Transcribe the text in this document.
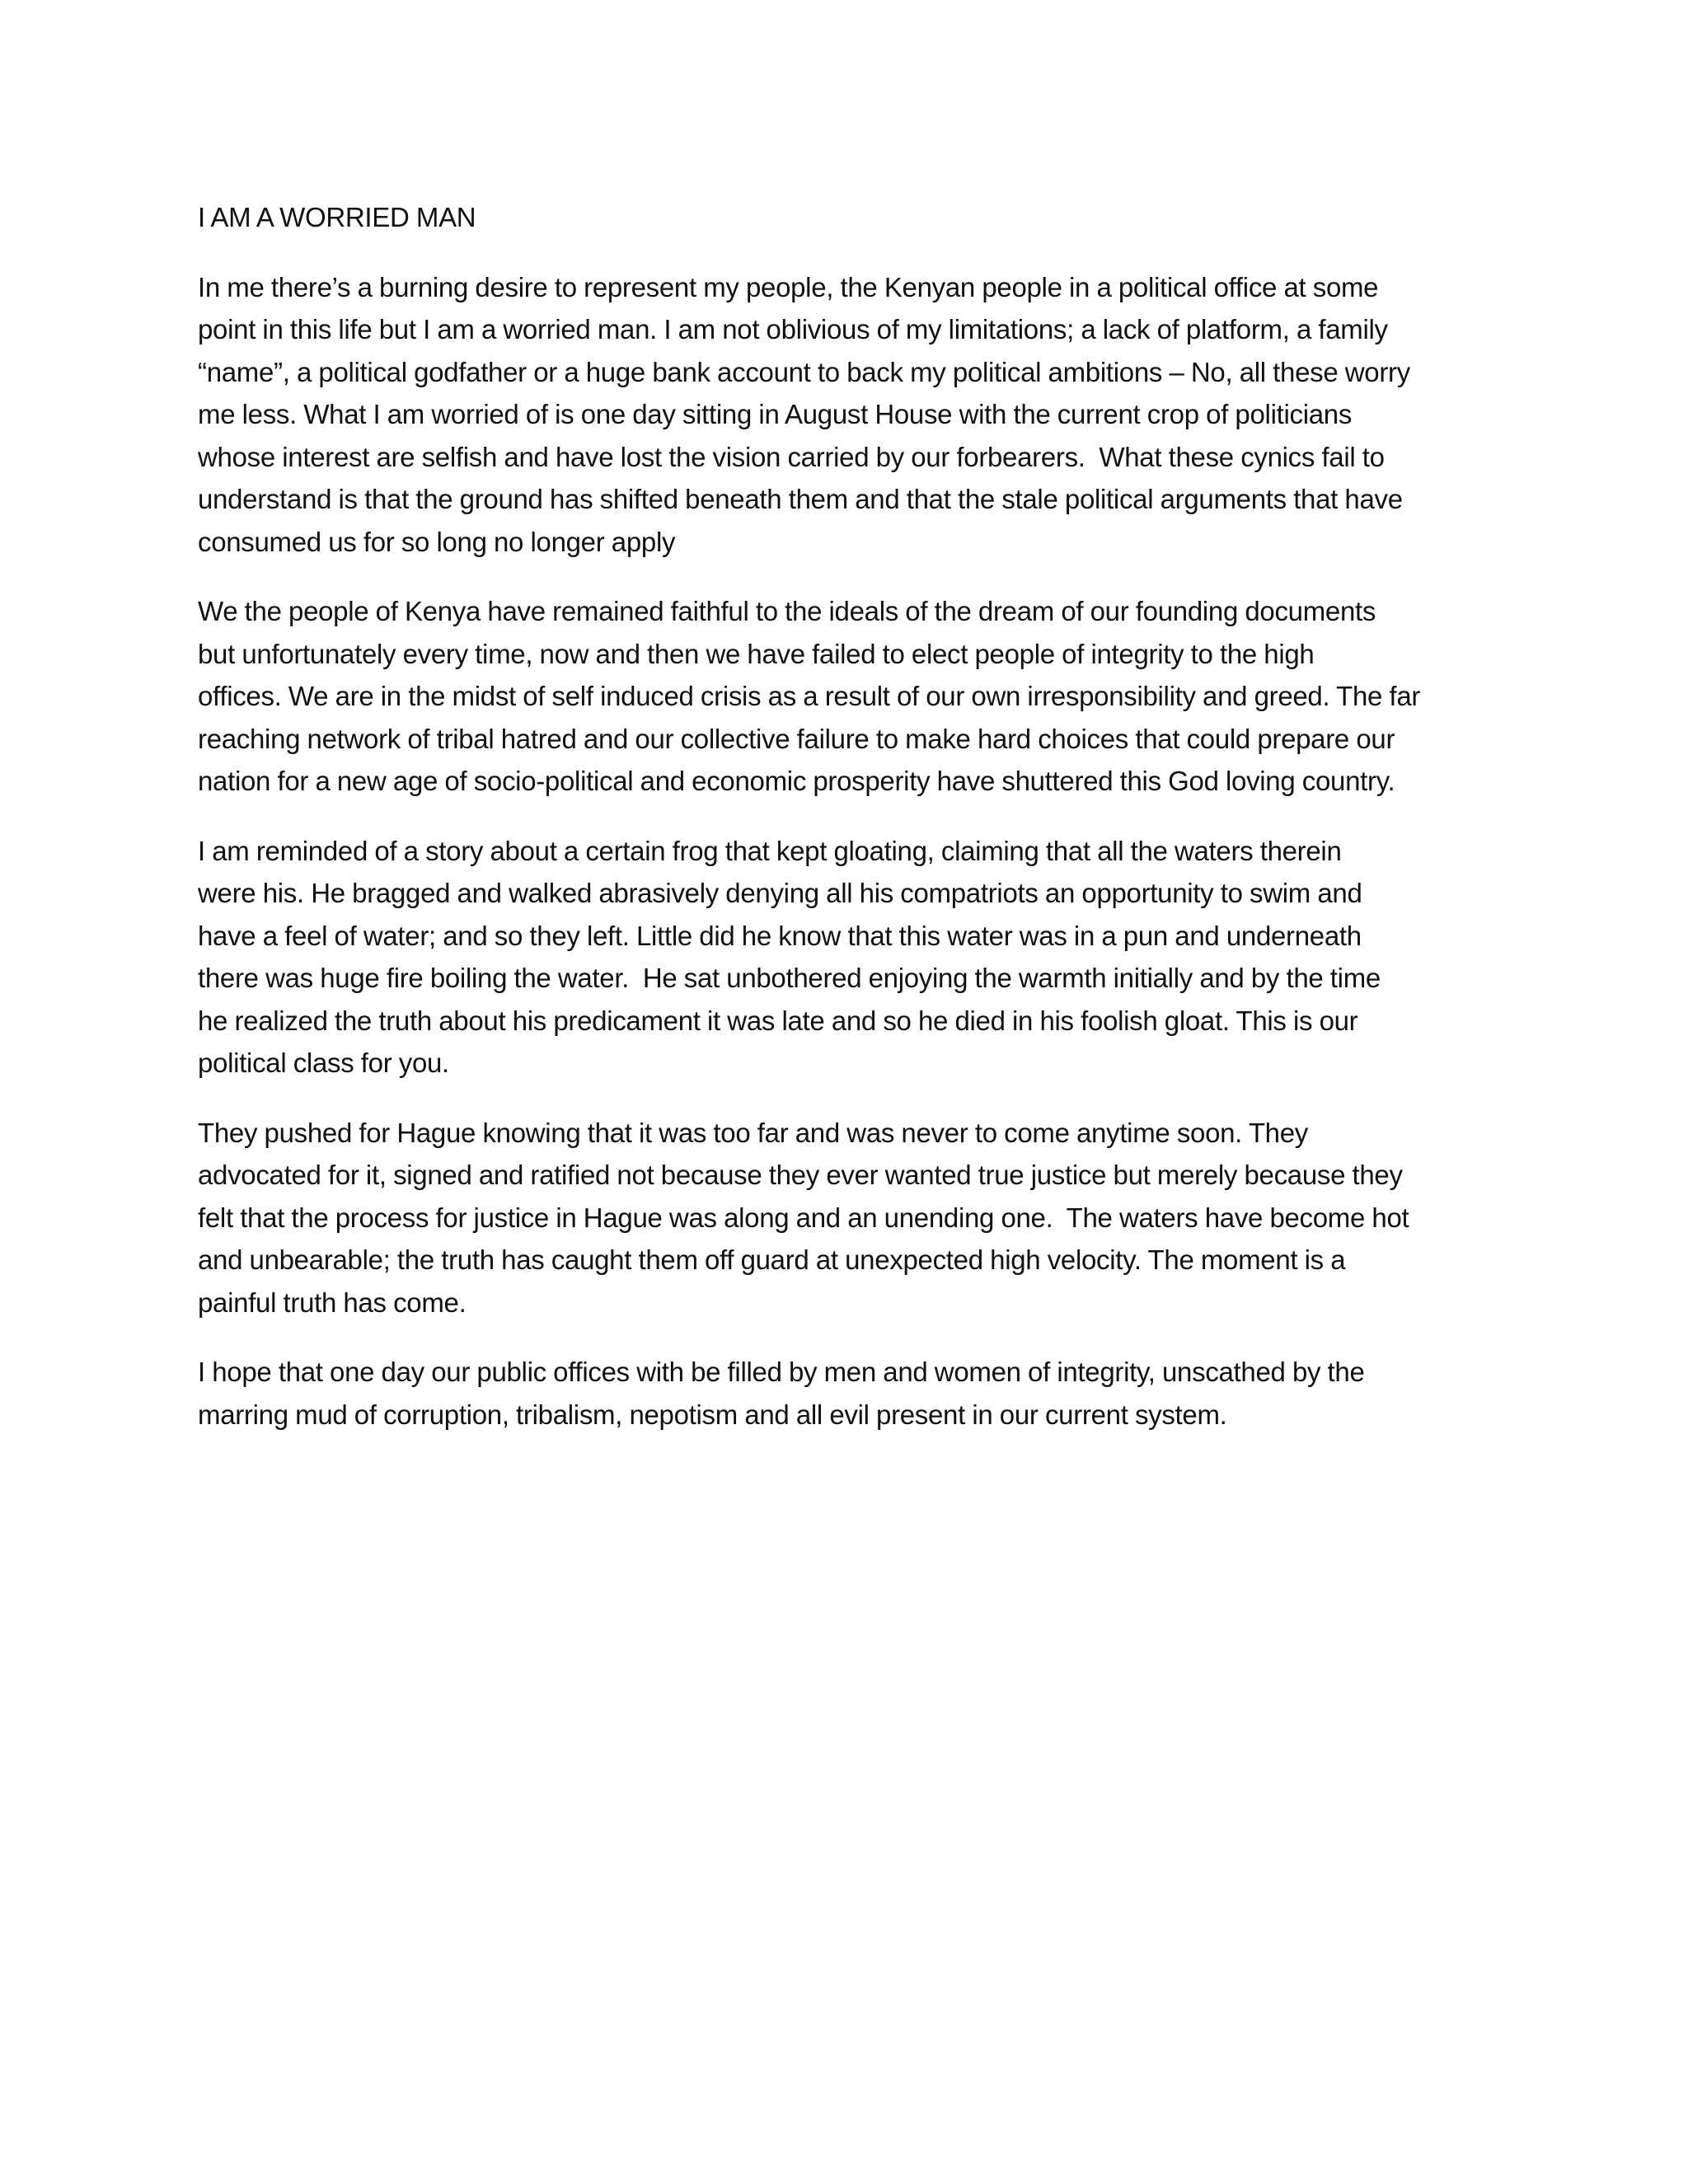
I AM A WORRIED MAN
In me there’s a burning desire to represent my people, the Kenyan people in a political office at some
point in this life but I am a worried man. I am not oblivious of my limitations; a lack of platform, a family
“name”, a political godfather or a huge bank account to back my political ambitions – No, all these worry
me less. What I am worried of is one day sitting in August House with the current crop of politicians
whose interest are selfish and have lost the vision carried by our forbearers.  What these cynics fail to
understand is that the ground has shifted beneath them and that the stale political arguments that have
consumed us for so long no longer apply
We the people of Kenya have remained faithful to the ideals of the dream of our founding documents
but unfortunately every time, now and then we have failed to elect people of integrity to the high
offices. We are in the midst of self induced crisis as a result of our own irresponsibility and greed. The far
reaching network of tribal hatred and our collective failure to make hard choices that could prepare our
nation for a new age of socio-political and economic prosperity have shuttered this God loving country.
I am reminded of a story about a certain frog that kept gloating, claiming that all the waters therein
were his. He bragged and walked abrasively denying all his compatriots an opportunity to swim and
have a feel of water; and so they left. Little did he know that this water was in a pun and underneath
there was huge fire boiling the water.  He sat unbothered enjoying the warmth initially and by the time
he realized the truth about his predicament it was late and so he died in his foolish gloat. This is our
political class for you.
They pushed for Hague knowing that it was too far and was never to come anytime soon. They
advocated for it, signed and ratified not because they ever wanted true justice but merely because they
felt that the process for justice in Hague was along and an unending one.  The waters have become hot
and unbearable; the truth has caught them off guard at unexpected high velocity. The moment is a
painful truth has come.
I hope that one day our public offices with be filled by men and women of integrity, unscathed by the
marring mud of corruption, tribalism, nepotism and all evil present in our current system.
